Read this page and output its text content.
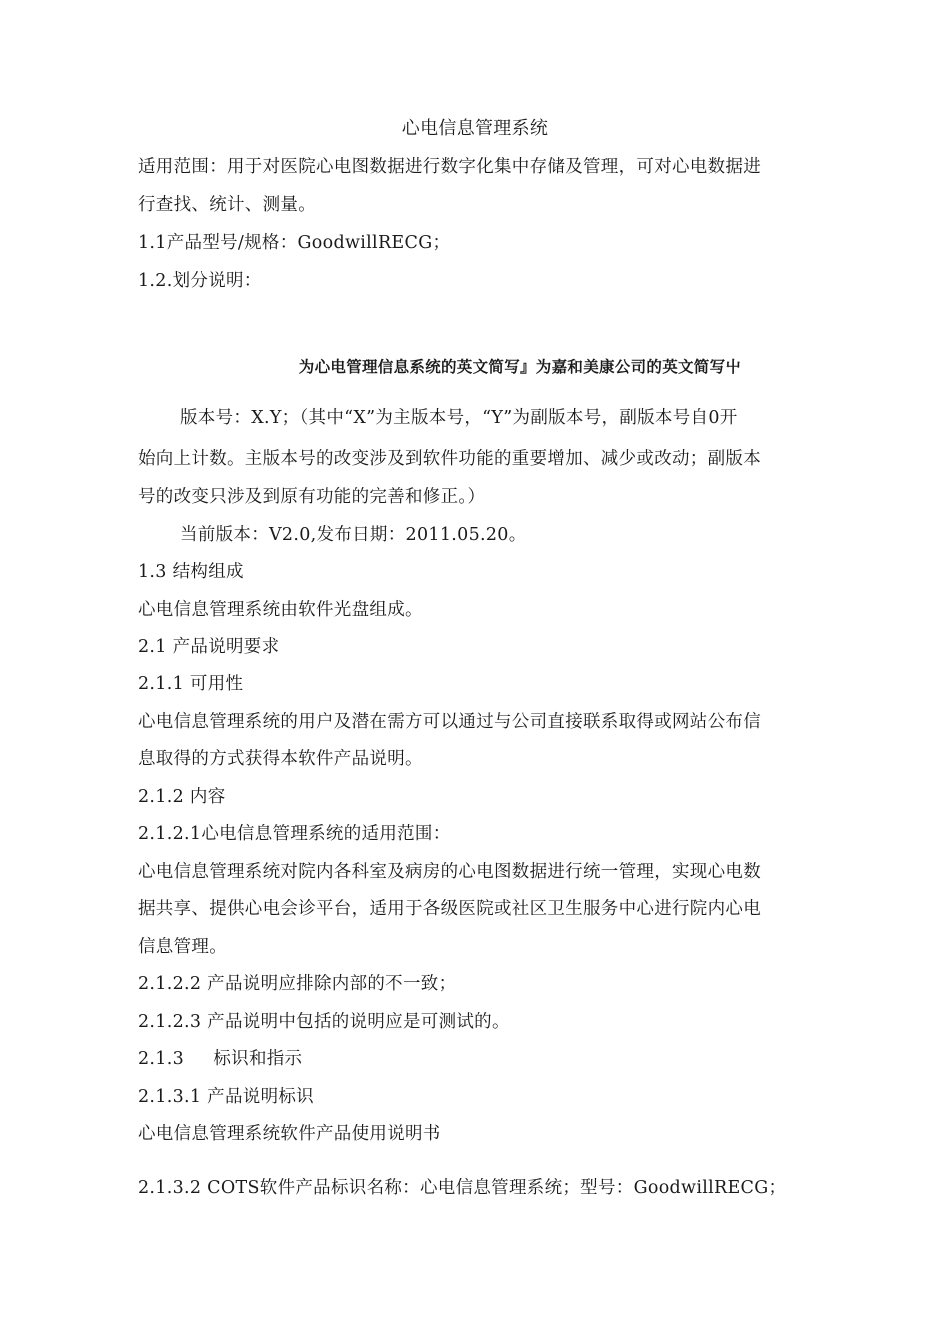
心电信息管理系统
适用范围：用于对医院心电图数据进行数字化集中存储及管理，可对心电数据进
行查找、统计、测量。
1.1产品型号/规格：GoodwillRECG；
1.2.划分说明：
为心电管理信息系统的英文简写』为嘉和美康公司的英文简写屮
版本号：X.Y；（其中“X”为主版本号，“Y”为副版本号，副版本号自0开
始向上计数。主版本号的改变涉及到软件功能的重要增加、减少或改动；副版本
号的改变只涉及到原有功能的完善和修正。）
当前版本：V2.0,发布日期：2011.05.20。
1.3 结构组成
心电信息管理系统由软件光盘组成。
2.1 产品说明要求
2.1.1 可用性
心电信息管理系统的用户及潜在需方可以通过与公司直接联系取得或网站公布信
息取得的方式获得本软件产品说明。
2.1.2 内容
2.1.2.1心电信息管理系统的适用范围：
心电信息管理系统对院内各科室及病房的心电图数据进行统一管理，实现心电数
据共享、提供心电会诊平台，适用于各级医院或社区卫生服务中心进行院内心电
信息管理。
2.1.2.2 产品说明应排除内部的不一致；
2.1.2.3 产品说明中包括的说明应是可测试的。
2.1.3     标识和指示
2.1.3.1 产品说明标识
心电信息管理系统软件产品使用说明书
2.1.3.2 COTS软件产品标识名称：心电信息管理系统；型号：GoodwillRECG；
